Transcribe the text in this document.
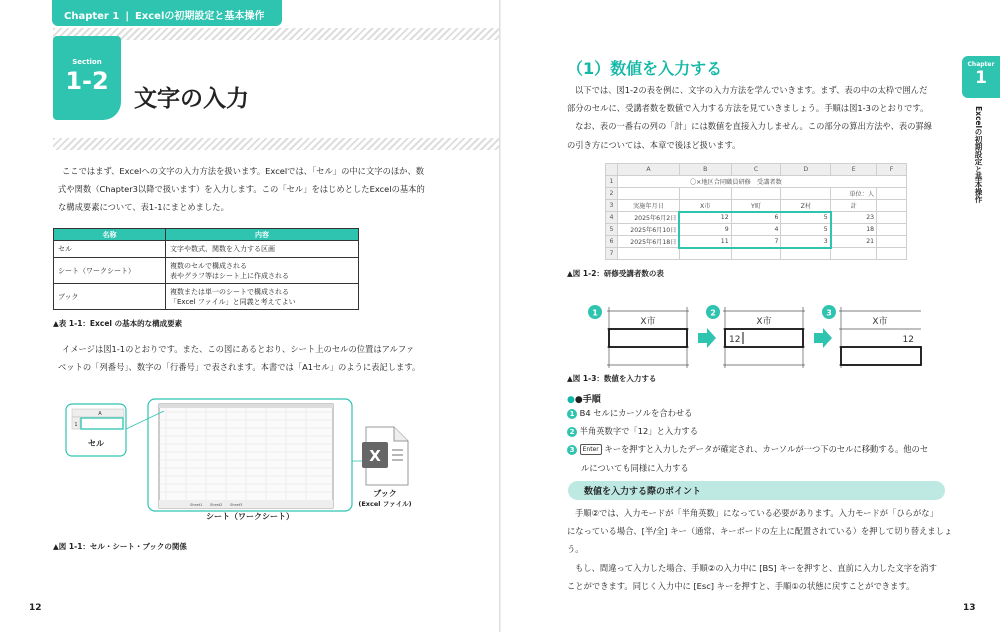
Chapter 1 | Excelの初期設定と基本操作
Section
1-2
文字の入力
ここではまず、Excelへの文字の入力方法を扱います。Excelでは、「セル」の中に文字のほか、数
式や関数（Chapter3以降で扱います）を入力します。この「セル」をはじめとしたExcelの基本的
な構成要素について、表1-1にまとめました。
名称	内容
セル	文字や数式、関数を入力する区画
シート（ワークシート）	複数のセルで構成される
表やグラフ等はシート上に作成される

ブック	複数または単一のシートで構成される
「Excel ファイル」と同義と考えてよい
▲表 1-1：Excel の基本的な構成要素
イメージは図1-1のとおりです。また、この図にあるとおり、シート上のセルの位置はアルファ
ベットの「列番号」、数字の「行番号」で表されます。本書では「A1セル」のように表記します。
Sheet1 Sheet2 Sheet3
A
1
セル
シート（ワークシート）
X
ブック
(Excel ファイル)
▲図 1-1：セル・シート・ブックの関係
12
（1）数値を入力する
以下では、図1-2の表を例に、文字の入力方法を学んでいきます。まず、表の中の太枠で囲んだ
部分のセルに、受講者数を数値で入力する方法を見ていきましょう。手順は図1-3のとおりです。
なお、表の一番右の列の「計」には数値を直接入力しません。この部分の算出方法や、表の罫線
の引き方については、本章で後ほど扱います。
	A	B	C	D	E	F
1	〇×地区合同職員研修　受講者数					
2					単位：人	
3	実施年月日	X市	Y町	Z村	計	
4	2025年6月2日	12	6	5	23	
5	2025年6月10日	9	4	5	18	
6	2025年6月18日	11	7	3	21	
7						
▲図 1-2：研修受講者数の表
1
X市
2
X市
12
3
X市
12
▲図 1-3：数値を入力する
●●手順
1 B4 セルにカーソルを合わせる
2 半角英数字で「12」と入力する
3 Enter キーを押すと入力したデータが確定され、カーソルが一つ下のセルに移動する。他のセ
ルについても同様に入力する
数値を入力する際のポイント
手順②では、入力モードが「半角英数」になっている必要があります。入力モードが「ひらがな」
になっている場合、[半/全] キー（通常、キーボードの左上に配置されている）を押して切り替えましょ
う。
もし、間違って入力した場合、手順②の入力中に [BS] キーを押すと、直前に入力した文字を消す
ことができます。同じく入力中に [Esc] キーを押すと、手順①の状態に戻すことができます。
Chapter
1
Excelの初期設定と基本操作
13
